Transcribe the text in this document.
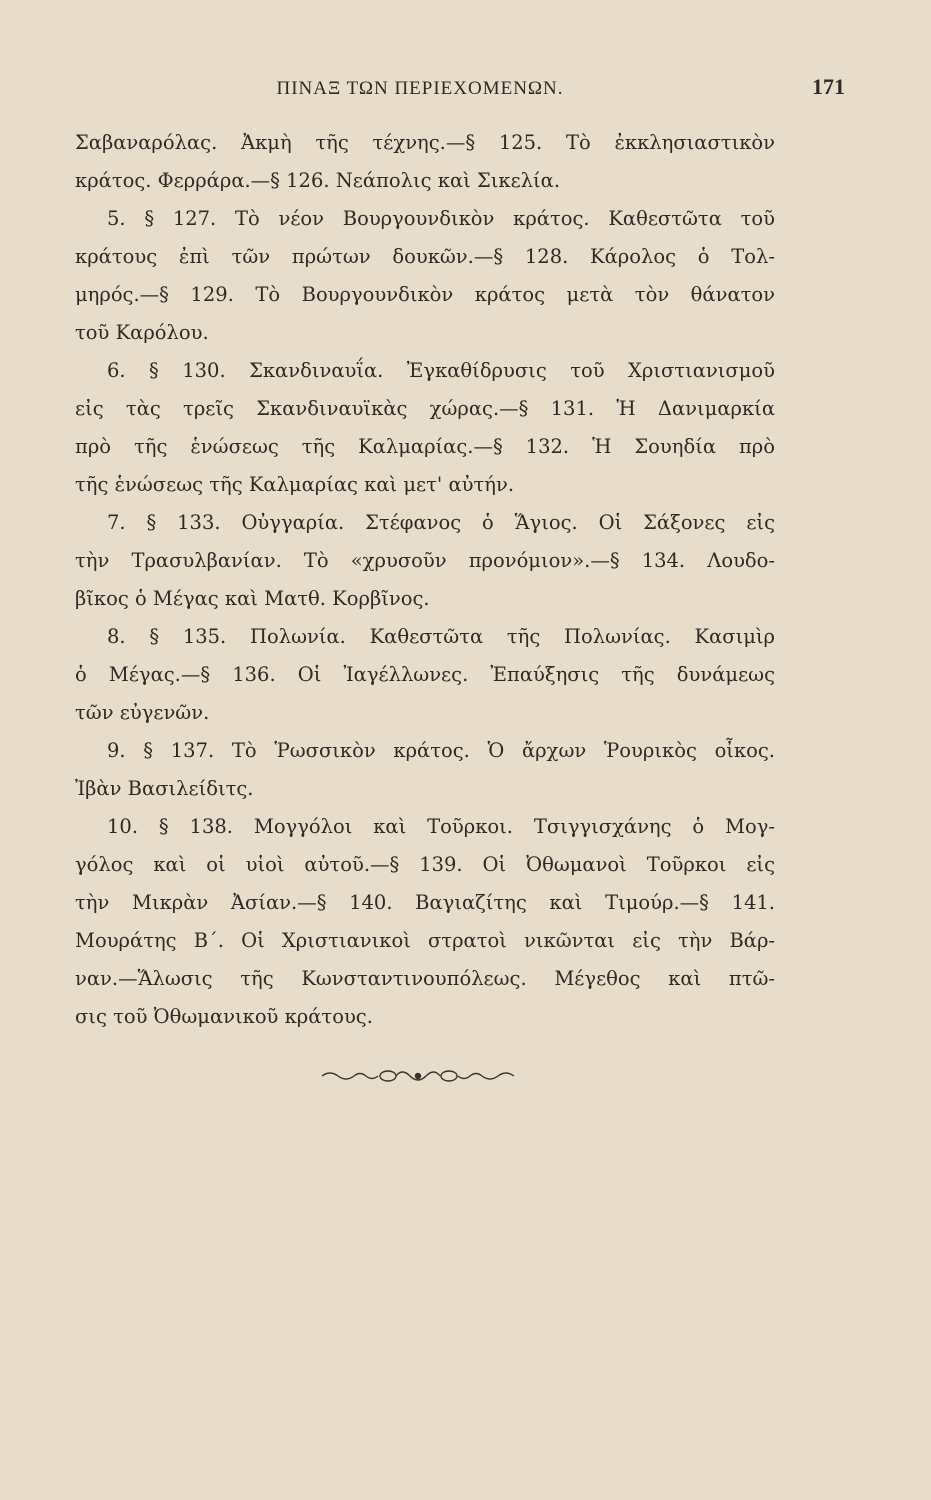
ΠΙΝΑΞ ΤΩΝ ΠΕΡΙΕΧΟΜΕΝΩΝ.	171
Σαβαναρόλας. Ἀκμὴ τῆς τέχνης.—§ 125. Τὸ ἐκκλησιαστικὸν
κράτος. Φερράρα.—§ 126. Νεάπολις καὶ Σικελία.
5. § 127. Τὸ νέον Βουργουνδικὸν κράτος. Καθεστῶτα τοῦ
κράτους ἐπὶ τῶν πρώτων δουκῶν.—§ 128. Κάρολος ὁ Τολ-
μηρός.—§ 129. Τὸ Βουργουνδικὸν κράτος μετὰ τὸν θάνατον
τοῦ Καρόλου.
6. § 130. Σκανδιναυΐα. Ἐγκαθίδρυσις τοῦ Χριστιανισμοῦ
εἰς τὰς τρεῖς Σκανδιναυϊκὰς χώρας.—§ 131. Ἡ Δανιμαρκία
πρὸ τῆς ἑνώσεως τῆς Καλμαρίας.—§ 132. Ἡ Σουηδία πρὸ
τῆς ἑνώσεως τῆς Καλμαρίας καὶ μετ' αὐτήν.
7. § 133. Οὐγγαρία. Στέφανος ὁ Ἅγιος. Οἱ Σάξονες εἰς
τὴν Τρασυλβανίαν. Τὸ «χρυσοῦν προνόμιον».—§ 134. Λουδο-
βῖκος ὁ Μέγας καὶ Ματθ. Κορβῖνος.
8. § 135. Πολωνία. Καθεστῶτα τῆς Πολωνίας. Κασιμὶρ
ὁ Μέγας.—§ 136. Οἱ Ἰαγέλλωνες. Ἐπαύξησις τῆς δυνάμεως
τῶν εὐγενῶν.
9. § 137. Τὸ Ῥωσσικὸν κράτος. Ὁ ἄρχων Ῥουρικὸς οἶκος.
Ἰβὰν Βασιλείδιτς.
10. § 138. Μογγόλοι καὶ Τοῦρκοι. Τσιγγισχάνης ὁ Μογ-
γόλος καὶ οἱ υἱοὶ αὐτοῦ.—§ 139. Οἱ Ὀθωμανοὶ Τοῦρκοι εἰς
τὴν Μικρὰν Ἀσίαν.—§ 140. Βαγιαζίτης καὶ Τιμούρ.—§ 141.
Μουράτης Β΄. Οἱ Χριστιανικοὶ στρατοὶ νικῶνται εἰς τὴν Βάρ-
ναν.—Ἅλωσις τῆς Κωνσταντινουπόλεως. Μέγεθος καὶ πτῶ-
σις τοῦ Ὀθωμανικοῦ κράτους.
